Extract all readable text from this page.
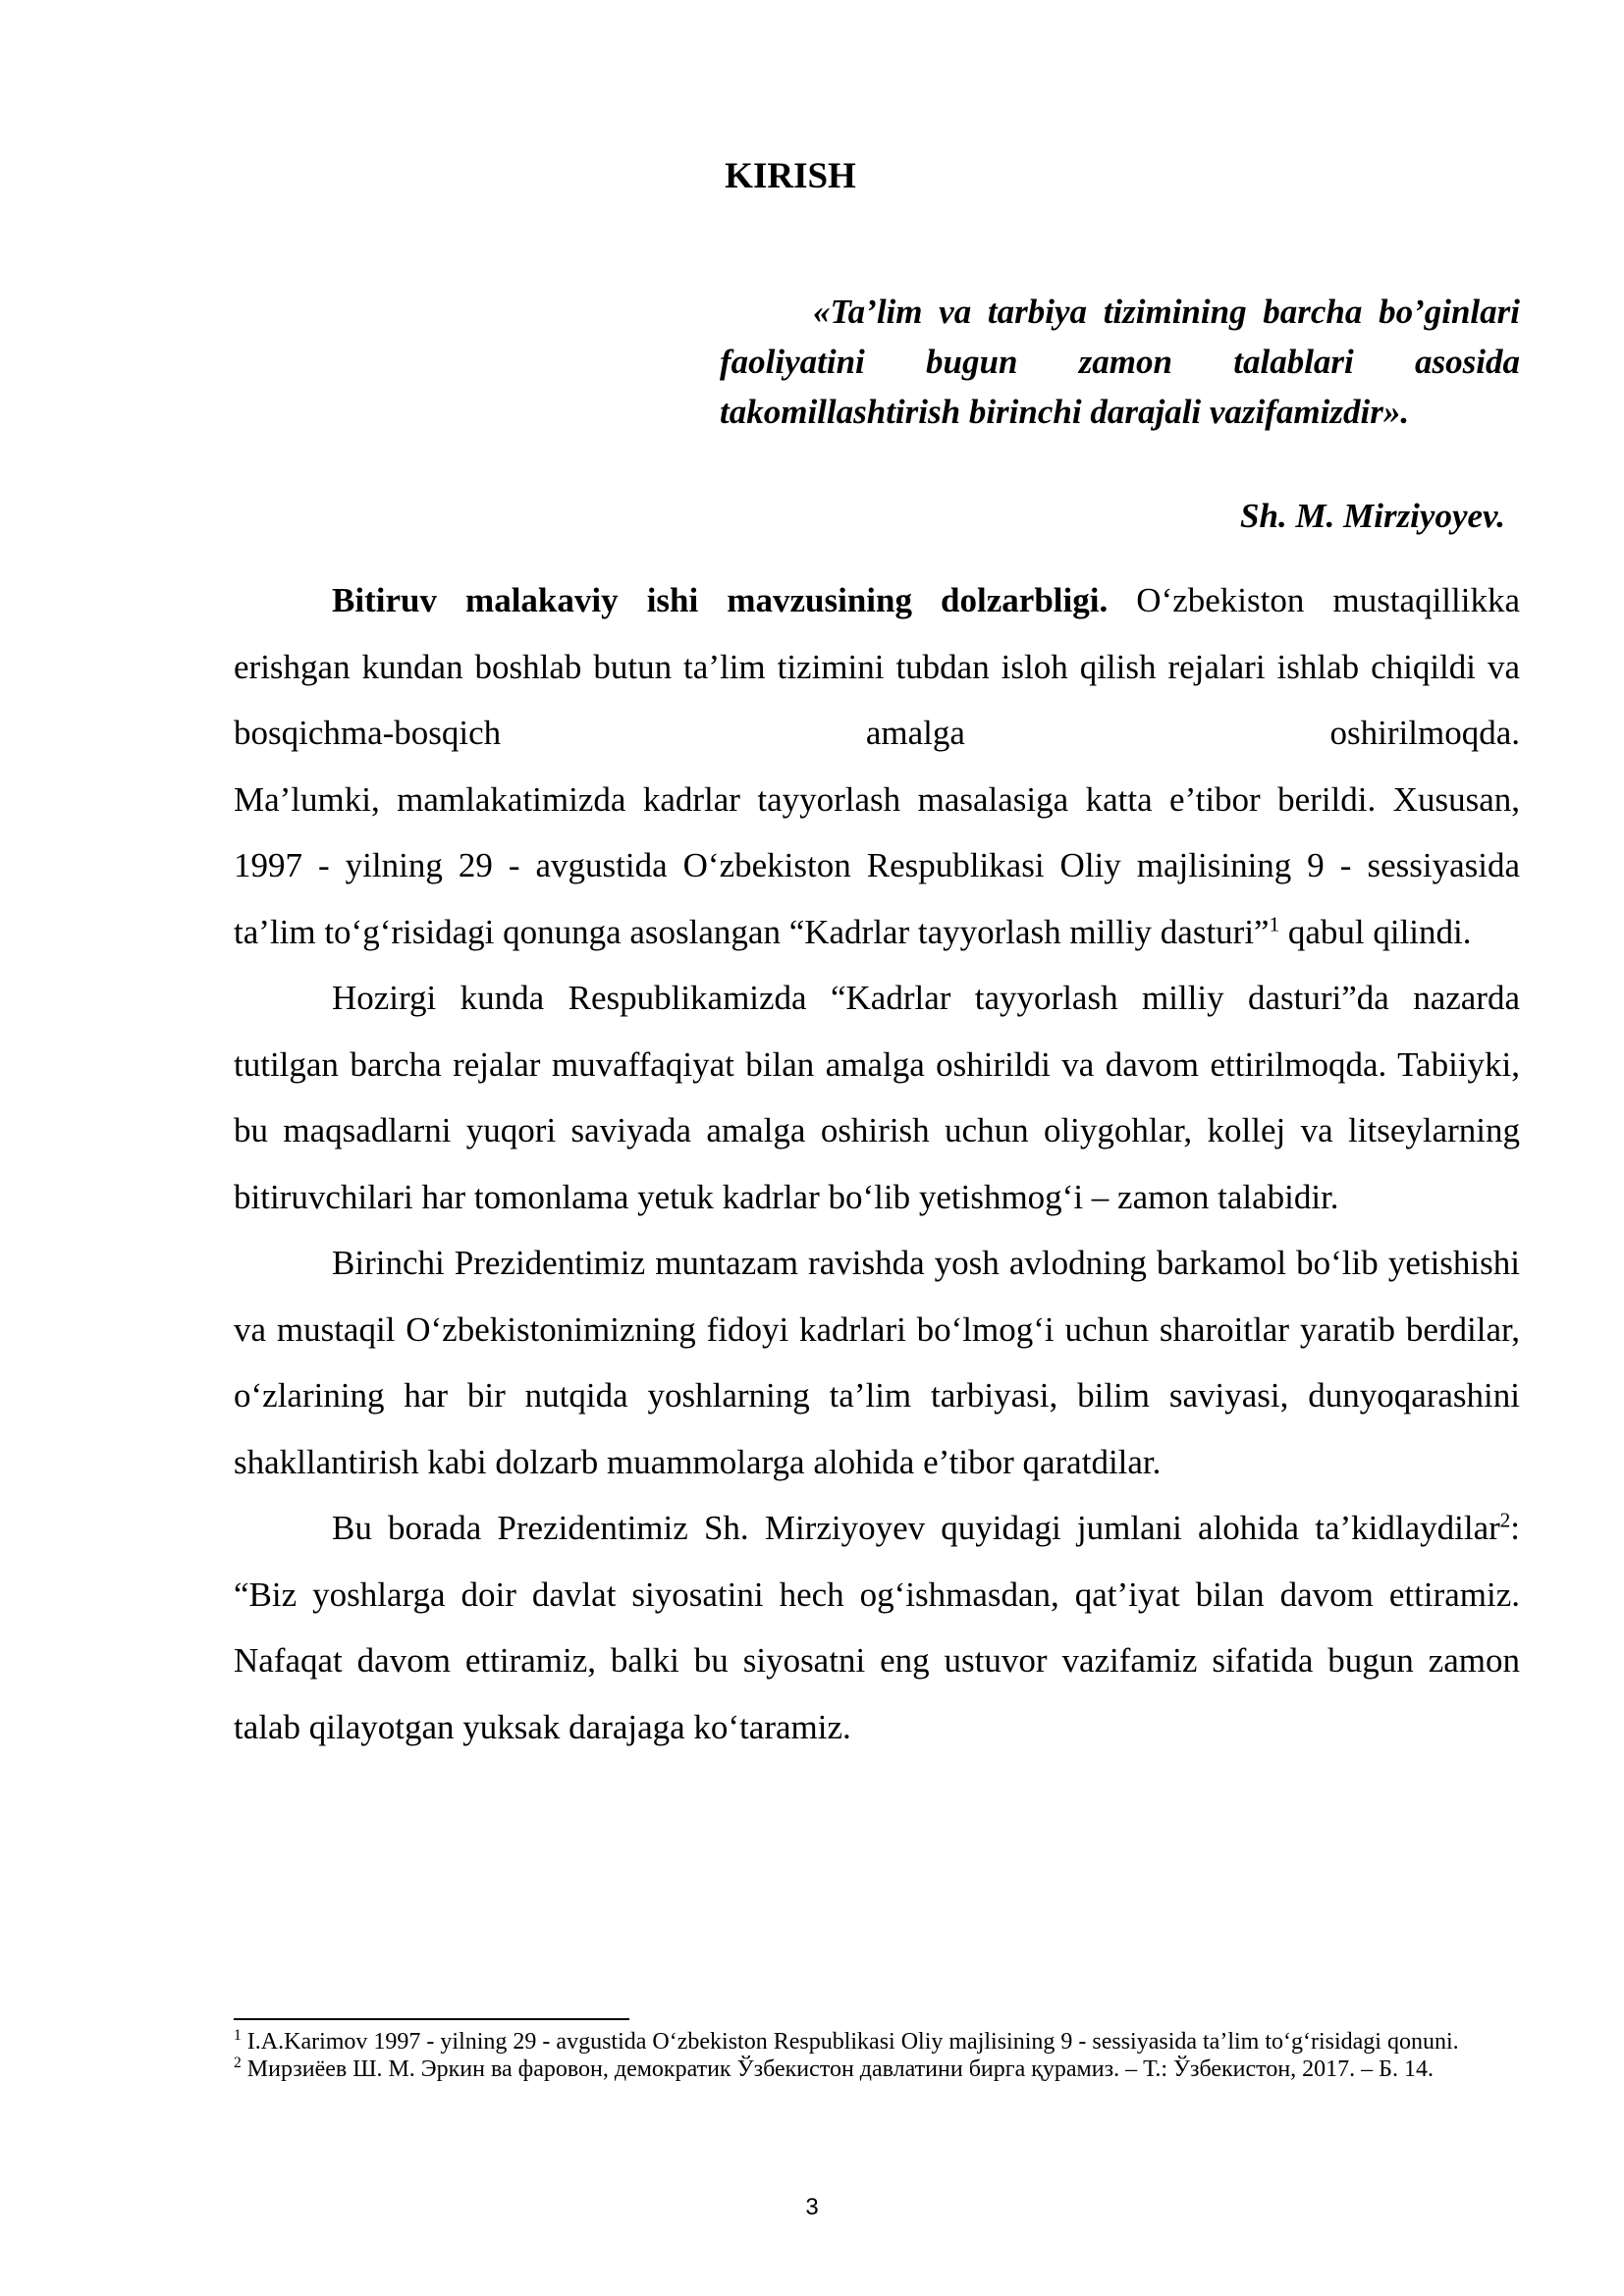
KIRISH

«Ta’lim va tarbiya tizimining barcha bo’ginlari faoliyatini bugun zamon talablari asosida takomillashtirish birinchi darajali vazifamizdir».

Sh. M. Mirziyoyev.

Bitiruv malakaviy ishi mavzusining dolzarbligi. O‘zbekiston mustaqillikka erishgan kundan boshlab butun ta’lim tizimini tubdan isloh qilish rejalari ishlab chiqildi va bosqichma-bosqich amalga oshirilmoqda.

Ma’lumki, mamlakatimizda kadrlar tayyorlash masalasiga katta e’tibor berildi. Xususan, 1997 - yilning 29 - avgustida O‘zbekiston Respublikasi Oliy majlisining 9 - sessiyasida ta’lim to‘g‘risidagi qonunga asoslangan “Kadrlar tayyorlash milliy dasturi”$^1$ qabul qilindi.

Hozirgi kunda Respublikamizda “Kadrlar tayyorlash milliy dasturi”da nazarda tutilgan barcha rejalar muvaffaqiyat bilan amalga oshirildi va davom ettirilmoqda. Tabiiyki, bu maqsadlarni yuqori saviyada amalga oshirish uchun oliygohlar, kollej va litseylarning bitiruvchilari har tomonlama yetuk kadrlar bo‘lib yetishmog‘i – zamon talabidir.

Birinchi Prezidentimiz muntazam ravishda yosh avlodning barkamol bo‘lib yetishishi va mustaqil O‘zbekistonimizning fidoyi kadrlari bo‘lmog‘i uchun sharoitlar yaratib berdilar, o‘zlarining har bir nutqida yoshlarning ta’lim tarbiyasi, bilim saviyasi, dunyoqarashini shakllantirish kabi dolzarb muammolarga alohida e’tibor qaratdilar.

Bu borada Prezidentimiz Sh. Mirziyoyev quyidagi jumlani alohida ta’kidlaydilar$^2$: “Biz yoshlarga doir davlat siyosatini hech og‘ishmasdan, qat’iyat bilan davom ettiramiz. Nafaqat davom ettiramiz, balki bu siyosatni eng ustuvor vazifamiz sifatida bugun zamon talab qilayotgan yuksak darajaga ko‘taramiz.

$^1$ I.A.Karimov 1997 - yilning 29 - avgustida O‘zbekiston Respublikasi Oliy majlisining 9 - sessiyasida ta’lim to‘g‘risidagi qonuni.

$^2$ Мирзиёев Ш. М. Эркин ва фаровон, демократик Ўзбекистон давлатини биргa қурамиз. – Т.: Ўзбекистон, 2017. – Б. 14.

3
